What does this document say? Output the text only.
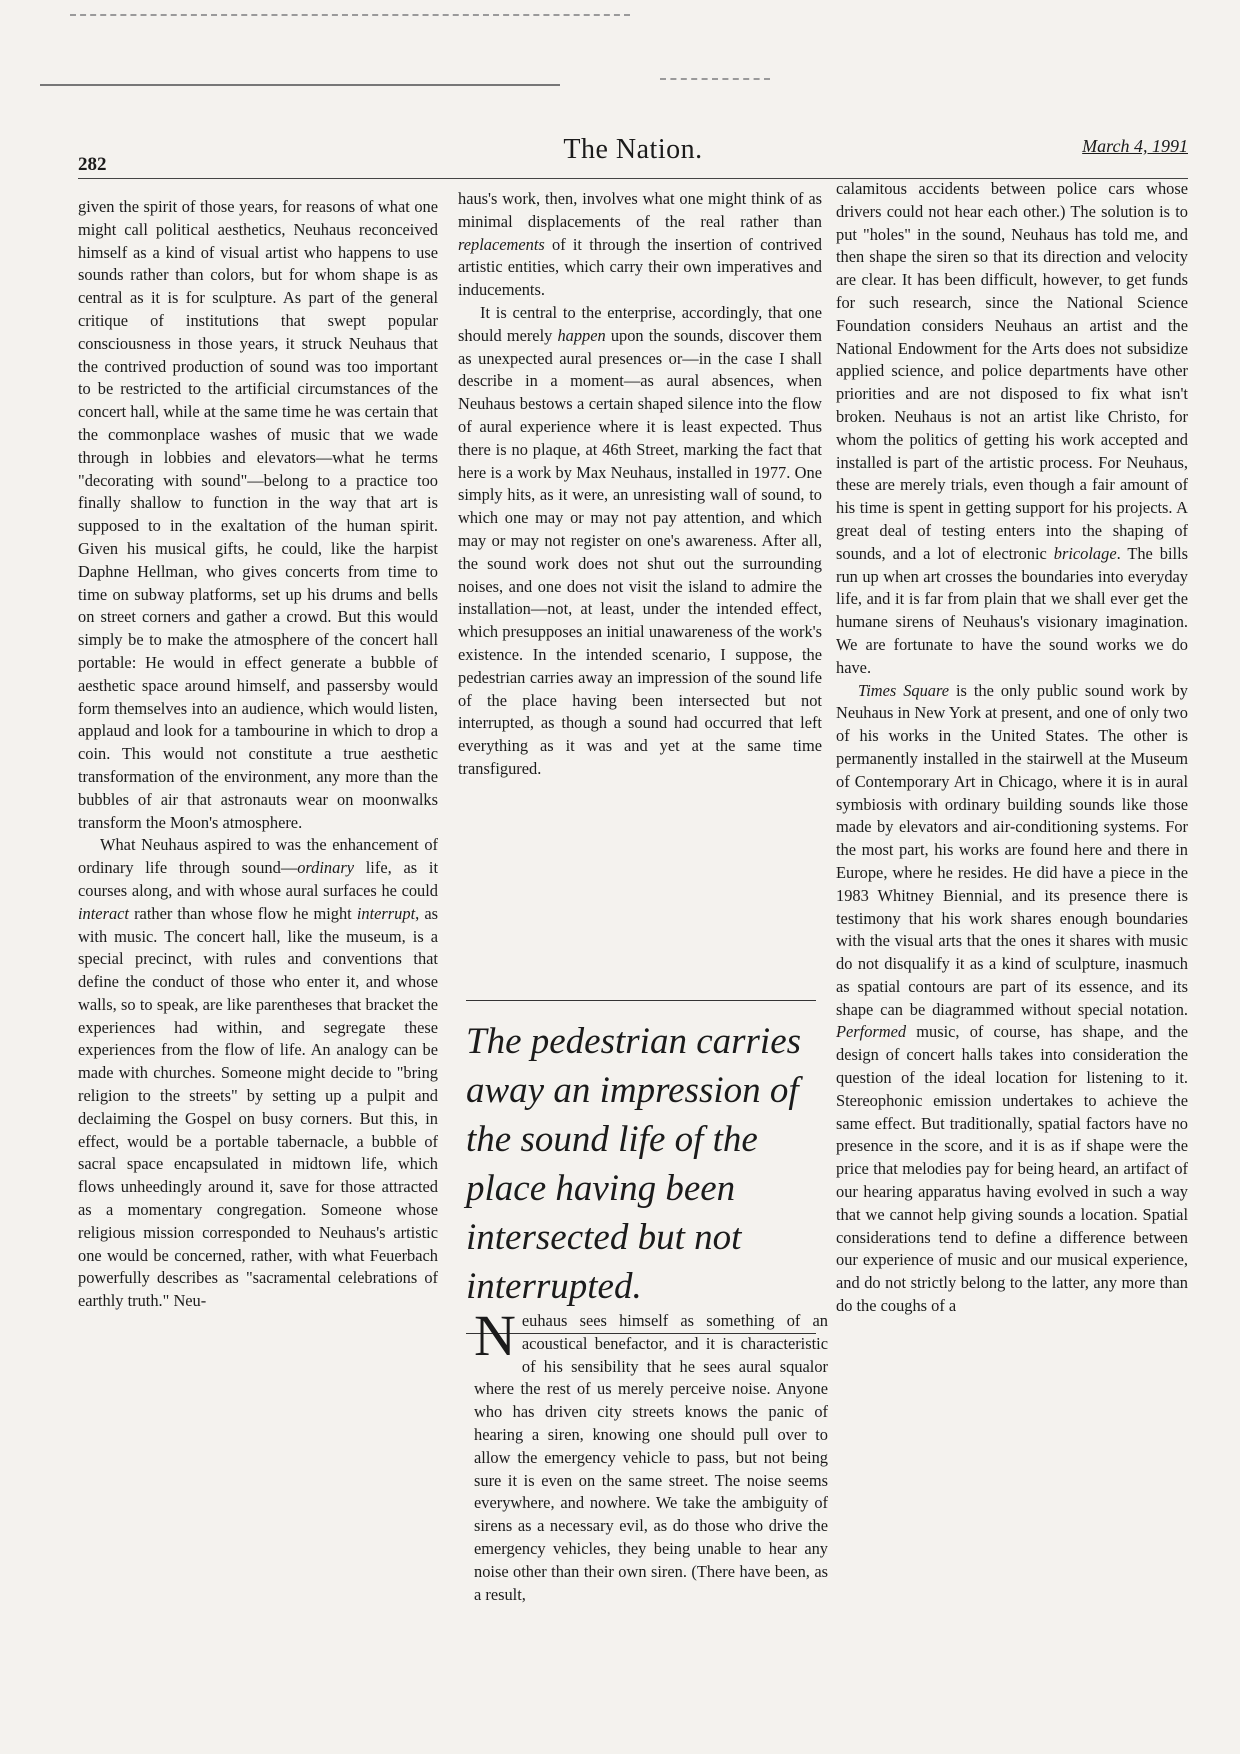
282	The Nation.	March 4, 1991

given the spirit of those years, for reasons of what one might call political aesthetics, Neuhaus reconceived himself as a kind of visual artist who happens to use sounds rather than colors, but for whom shape is as central as it is for sculpture. As part of the general critique of institutions that swept popular consciousness in those years, it struck Neuhaus that the contrived production of sound was too important to be restricted to the artificial circumstances of the concert hall, while at the same time he was certain that the commonplace washes of music that we wade through in lobbies and elevators—what he terms "decorating with sound"—belong to a practice too finally shallow to function in the way that art is supposed to in the exaltation of the human spirit. Given his musical gifts, he could, like the harpist Daphne Hellman, who gives concerts from time to time on subway platforms, set up his drums and bells on street corners and gather a crowd. But this would simply be to make the atmosphere of the concert hall portable: He would in effect generate a bubble of aesthetic space around himself, and passersby would form themselves into an audience, which would listen, applaud and look for a tambourine in which to drop a coin. This would not constitute a true aesthetic transformation of the environment, any more than the bubbles of air that astronauts wear on moonwalks transform the Moon's atmosphere.

What Neuhaus aspired to was the enhancement of ordinary life through sound—ordinary life, as it courses along, and with whose aural surfaces he could interact rather than whose flow he might interrupt, as with music. The concert hall, like the museum, is a special precinct, with rules and conventions that define the conduct of those who enter it, and whose walls, so to speak, are like parentheses that bracket the experiences had within, and segregate these experiences from the flow of life. An analogy can be made with churches. Someone might decide to "bring religion to the streets" by setting up a pulpit and declaiming the Gospel on busy corners. But this, in effect, would be a portable tabernacle, a bubble of sacral space encapsulated in midtown life, which flows unheedingly around it, save for those attracted as a momentary congregation. Someone whose religious mission corresponded to Neuhaus's artistic one would be concerned, rather, with what Feuerbach powerfully describes as "sacramental celebrations of earthly truth." Neu-

haus's work, then, involves what one might think of as minimal displacements of the real rather than replacements of it through the insertion of contrived artistic entities, which carry their own imperatives and inducements.

It is central to the enterprise, accordingly, that one should merely happen upon the sounds, discover them as unexpected aural presences or—in the case I shall describe in a moment—as aural absences, when Neuhaus bestows a certain shaped silence into the flow of aural experience where it is least expected. Thus there is no plaque, at 46th Street, marking the fact that here is a work by Max Neuhaus, installed in 1977. One simply hits, as it were, an unresisting wall of sound, to which one may or may not pay attention, and which may or may not register on one's awareness. After all, the sound work does not shut out the surrounding noises, and one does not visit the island to admire the installation—not, at least, under the intended effect, which presupposes an initial unawareness of the work's existence. In the intended scenario, I suppose, the pedestrian carries away an impression of the sound life of the place having been intersected but not interrupted, as though a sound had occurred that left everything as it was and yet at the same time transfigured.

The pedestrian carries away an impression of the sound life of the place having been intersected but not interrupted.

Neuhaus sees himself as something of an acoustical benefactor, and it is characteristic of his sensibility that he sees aural squalor where the rest of us merely perceive noise. Anyone who has driven city streets knows the panic of hearing a siren, knowing one should pull over to allow the emergency vehicle to pass, but not being sure it is even on the same street. The noise seems everywhere, and nowhere. We take the ambiguity of sirens as a necessary evil, as do those who drive the emergency vehicles, they being unable to hear any noise other than their own siren. (There have been, as a result,

calamitous accidents between police cars whose drivers could not hear each other.) The solution is to put "holes" in the sound, Neuhaus has told me, and then shape the siren so that its direction and velocity are clear. It has been difficult, however, to get funds for such research, since the National Science Foundation considers Neuhaus an artist and the National Endowment for the Arts does not subsidize applied science, and police departments have other priorities and are not disposed to fix what isn't broken. Neuhaus is not an artist like Christo, for whom the politics of getting his work accepted and installed is part of the artistic process. For Neuhaus, these are merely trials, even though a fair amount of his time is spent in getting support for his projects. A great deal of testing enters into the shaping of sounds, and a lot of electronic bricolage. The bills run up when art crosses the boundaries into everyday life, and it is far from plain that we shall ever get the humane sirens of Neuhaus's visionary imagination. We are fortunate to have the sound works we do have.

Times Square is the only public sound work by Neuhaus in New York at present, and one of only two of his works in the United States. The other is permanently installed in the stairwell at the Museum of Contemporary Art in Chicago, where it is in aural symbiosis with ordinary building sounds like those made by elevators and air-conditioning systems. For the most part, his works are found here and there in Europe, where he resides. He did have a piece in the 1983 Whitney Biennial, and its presence there is testimony that his work shares enough boundaries with the visual arts that the ones it shares with music do not disqualify it as a kind of sculpture, inasmuch as spatial contours are part of its essence, and its shape can be diagrammed without special notation. Performed music, of course, has shape, and the design of concert halls takes into consideration the question of the ideal location for listening to it. Stereophonic emission undertakes to achieve the same effect. But traditionally, spatial factors have no presence in the score, and it is as if shape were the price that melodies pay for being heard, an artifact of our hearing apparatus having evolved in such a way that we cannot help giving sounds a location. Spatial considerations tend to define a difference between our experience of music and our musical experience, and do not strictly belong to the latter, any more than do the coughs of a
